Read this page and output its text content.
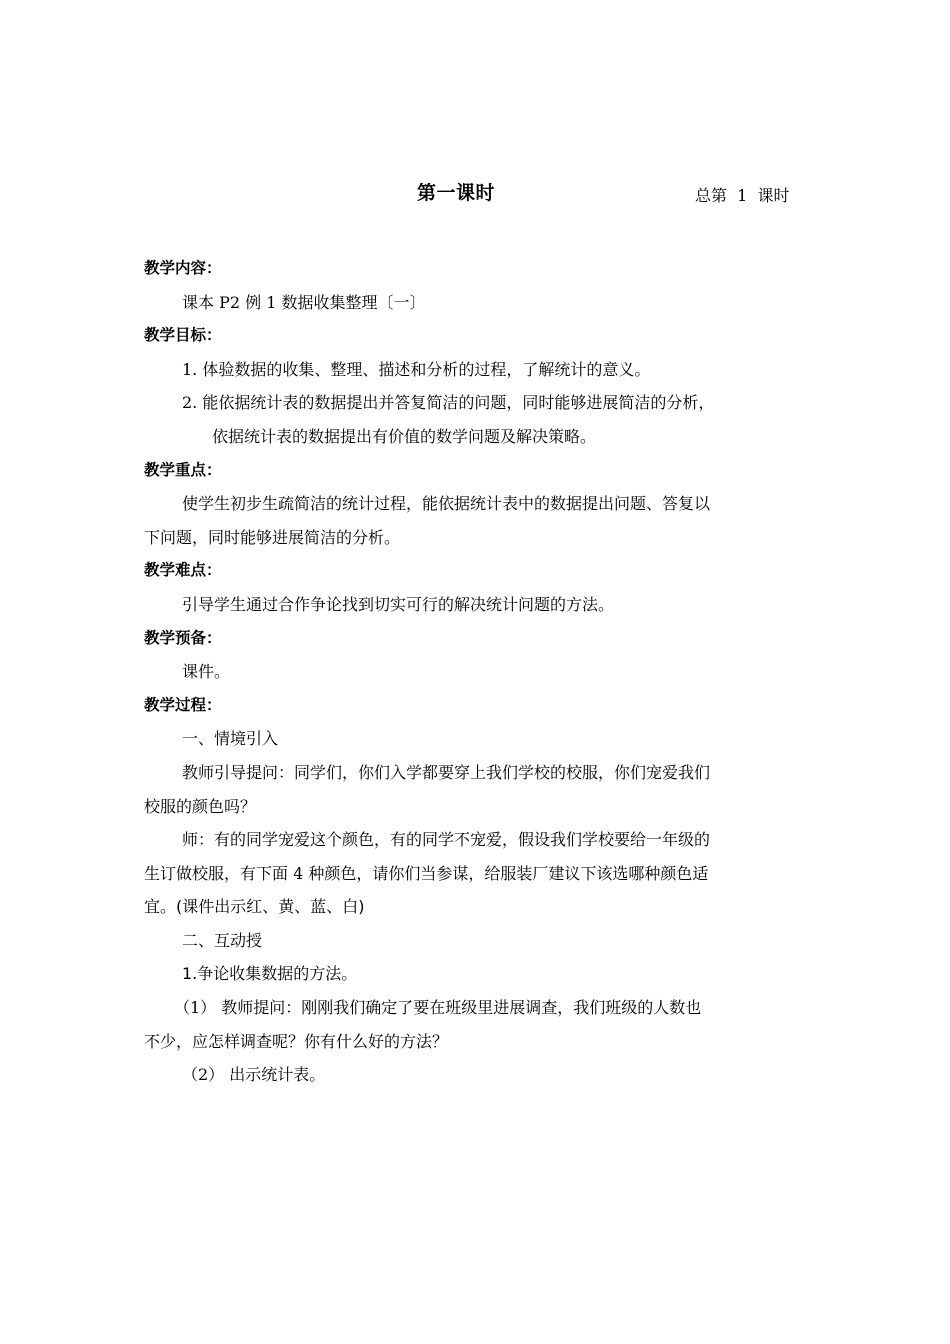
第一课时	总第  1  课时
教学内容：
课本 P2 例 1 数据收集整理〔一〕
教学目标：
1. 体验数据的收集、整理、描述和分析的过程，了解统计的意义。
2. 能依据统计表的数据提出并答复简洁的问题，同时能够进展简洁的分析，
依据统计表的数据提出有价值的数学问题及解决策略。
教学重点：
使学生初步生疏简洁的统计过程，能依据统计表中的数据提出问题、答复以
下问题，同时能够进展简洁的分析。
教学难点：
引导学生通过合作争论找到切实可行的解决统计问题的方法。
教学预备：
课件。
教学过程：
一、情境引入
教师引导提问：同学们，你们入学都要穿上我们学校的校服，你们宠爱我们
校服的颜色吗？
师：有的同学宠爱这个颜色，有的同学不宠爱，假设我们学校要给一年级的
生订做校服，有下面 4 种颜色，请你们当参谋，给服装厂建议下该选哪种颜色适
宜。(课件出示红、黄、蓝、白)
二、互动授
1.争论收集数据的方法。
（1） 教师提问：刚刚我们确定了要在班级里进展调查，我们班级的人数也
不少，应怎样调查呢？你有什么好的方法？
（2） 出示统计表。
